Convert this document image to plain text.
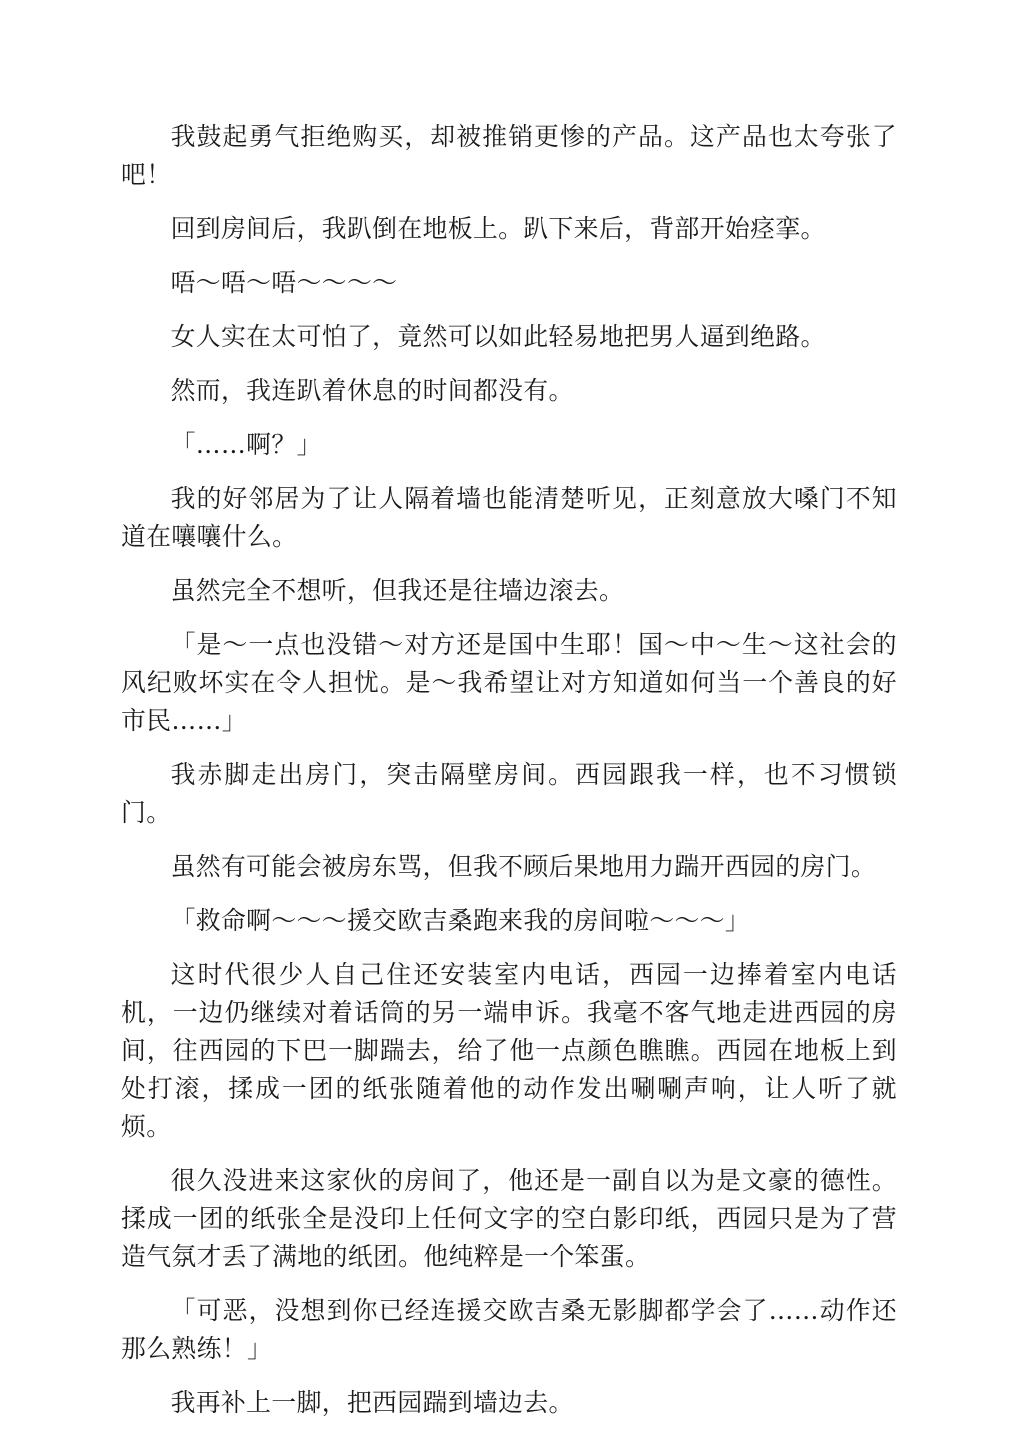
我鼓起勇气拒绝购买，却被推销更惨的产品。这产品也太夸张了吧！

回到房间后，我趴倒在地板上。趴下来后，背部开始痉挛。

唔～唔～唔～～～～

女人实在太可怕了，竟然可以如此轻易地把男人逼到绝路。

然而，我连趴着休息的时间都没有。

「……啊？」

我的好邻居为了让人隔着墙也能清楚听见，正刻意放大嗓门不知道在嚷嚷什么。

虽然完全不想听，但我还是往墙边滚去。

「是～一点也没错～对方还是国中生耶！国～中～生～这社会的风纪败坏实在令人担忧。是～我希望让对方知道如何当一个善良的好市民……」

我赤脚走出房门，突击隔壁房间。西园跟我一样，也不习惯锁门。

虽然有可能会被房东骂，但我不顾后果地用力踹开西园的房门。

「救命啊～～～援交欧吉桑跑来我的房间啦～～～」

这时代很少人自己住还安装室内电话，西园一边捧着室内电话机，一边仍继续对着话筒的另一端申诉。我毫不客气地走进西园的房间，往西园的下巴一脚踹去，给了他一点颜色瞧瞧。西园在地板上到处打滚，揉成一团的纸张随着他的动作发出唰唰声响，让人听了就烦。

很久没进来这家伙的房间了，他还是一副自以为是文豪的德性。揉成一团的纸张全是没印上任何文字的空白影印纸，西园只是为了营造气氛才丢了满地的纸团。他纯粹是一个笨蛋。

「可恶，没想到你已经连援交欧吉桑无影脚都学会了……动作还那么熟练！」

我再补上一脚，把西园踹到墙边去。
